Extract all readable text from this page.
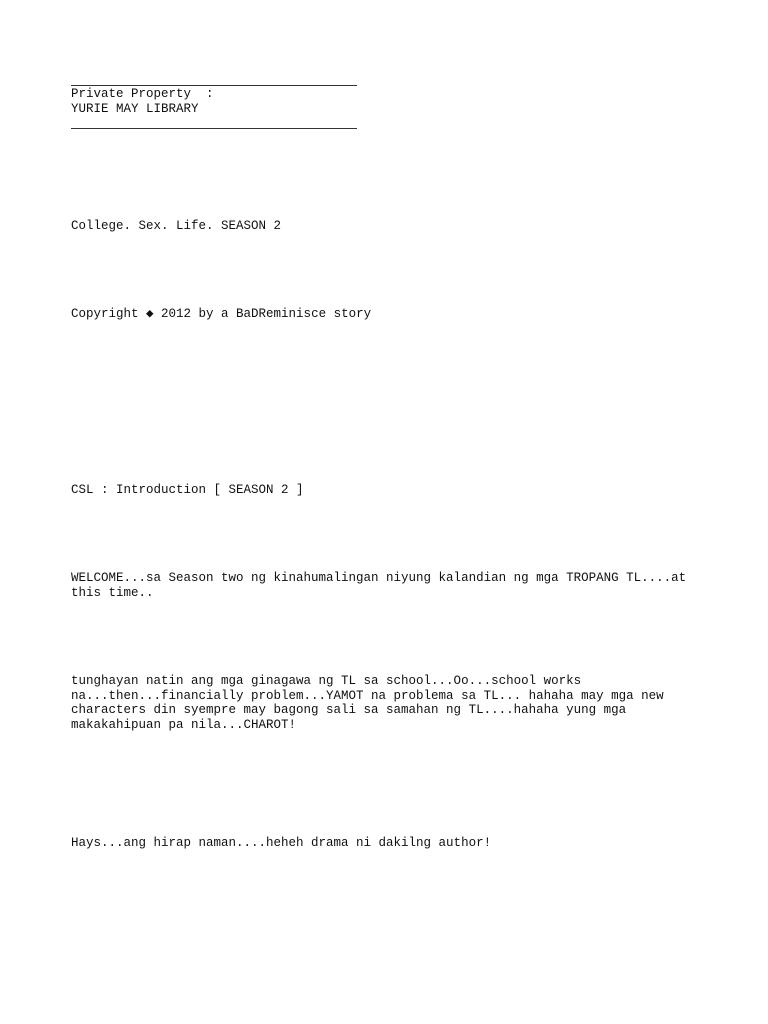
Private Property  :
YURIE MAY LIBRARY
College. Sex. Life. SEASON 2
Copyright ◆ 2012 by a BaDReminisce story
CSL : Introduction [ SEASON 2 ]
WELCOME...sa Season two ng kinahumalingan niyung kalandian ng mga TROPANG TL....at this time..
tunghayan natin ang mga ginagawa ng TL sa school...Oo...school works na...then...financially problem...YAMOT na problema sa TL... hahaha may mga new characters din syempre may bagong sali sa samahan ng TL....hahaha yung mga makakahipuan pa nila...CHAROT!
Hays...ang hirap naman....heheh drama ni dakilng author!
